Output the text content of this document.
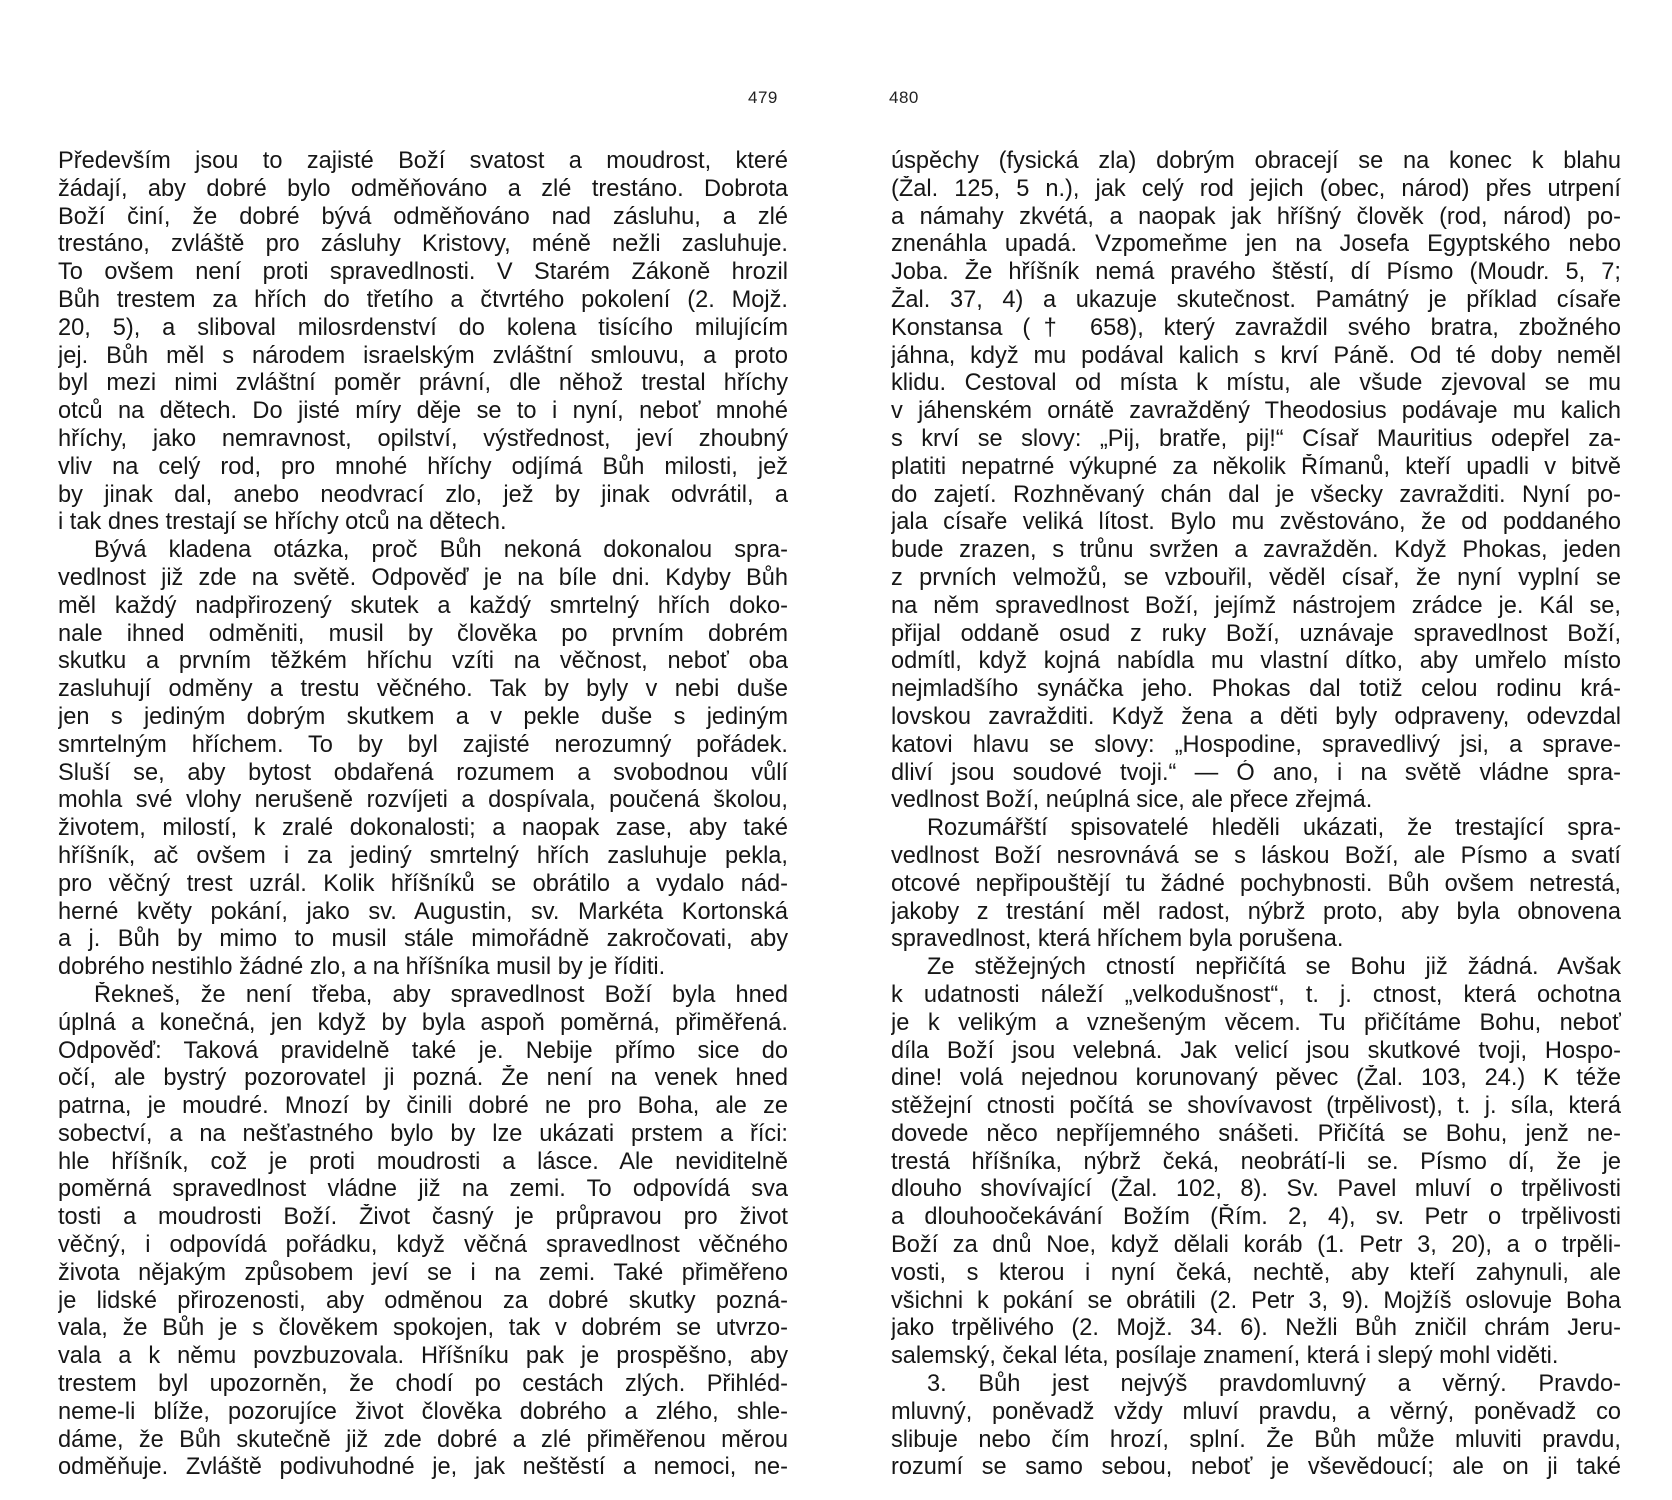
479
Především jsou to zajisté Boží svatost a moudrost, které
žádají, aby dobré bylo odměňováno a zlé trestáno. Dobrota
Boží činí, že dobré bývá odměňováno nad zásluhu, a zlé
trestáno, zvláště pro zásluhy Kristovy, méně nežli zasluhuje.
To ovšem není proti spravedlnosti. V Starém Zákoně hrozil
Bůh trestem za hřích do třetího a čtvrtého pokolení (2. Mojž.
20, 5), a sliboval milosrdenství do kolena tisícího milujícím
jej. Bůh měl s národem israelským zvláštní smlouvu, a proto
byl mezi nimi zvláštní poměr právní, dle něhož trestal hříchy
otců na dětech. Do jisté míry děje se to i nyní, neboť mnohé
hříchy, jako nemravnost, opilství, výstřednost, jeví zhoubný
vliv na celý rod, pro mnohé hříchy odjímá Bůh milosti, jež
by jinak dal, anebo neodvrací zlo, jež by jinak odvrátil, a
i tak dnes trestají se hříchy otců na dětech.
Bývá kladena otázka, proč Bůh nekoná dokonalou spra-
vedlnost již zde na světě. Odpověď je na bíle dni. Kdyby Bůh
měl každý nadpřirozený skutek a každý smrtelný hřích doko-
nale ihned odměniti, musil by člověka po prvním dobrém
skutku a prvním těžkém hříchu vzíti na věčnost, neboť oba
zasluhují odměny a trestu věčného. Tak by byly v nebi duše
jen s jediným dobrým skutkem a v pekle duše s jediným
smrtelným hříchem. To by byl zajisté nerozumný pořádek.
Sluší se, aby bytost obdařená rozumem a svobodnou vůlí
mohla své vlohy nerušeně rozvíjeti a dospívala, poučená školou,
životem, milostí, k zralé dokonalosti; a naopak zase, aby také
hříšník, ač ovšem i za jediný smrtelný hřích zasluhuje pekla,
pro věčný trest uzrál. Kolik hříšníků se obrátilo a vydalo nád-
herné květy pokání, jako sv. Augustin, sv. Markéta Kortonská
a j. Bůh by mimo to musil stále mimořádně zakročovati, aby
dobrého nestihlo žádné zlo, a na hříšníka musil by je říditi.
Řekneš, že není třeba, aby spravedlnost Boží byla hned
úplná a konečná, jen když by byla aspoň poměrná, přiměřená.
Odpověď: Taková pravidelně také je. Nebije přímo sice do
očí, ale bystrý pozorovatel ji pozná. Že není na venek hned
patrna, je moudré. Mnozí by činili dobré ne pro Boha, ale ze
sobectví, a na nešťastného bylo by lze ukázati prstem a říci:
hle hříšník, což je proti moudrosti a lásce. Ale neviditelně
poměrná spravedlnost vládne již na zemi. To odpovídá sva
tosti a moudrosti Boží. Život časný je průpravou pro život
věčný, i odpovídá pořádku, když věčná spravedlnost věčného
života nějakým způsobem jeví se i na zemi. Také přiměřeno
je lidské přirozenosti, aby odměnou za dobré skutky pozná-
vala, že Bůh je s člověkem spokojen, tak v dobrém se utvrzo-
vala a k němu povzbuzovala. Hříšníku pak je prospěšno, aby
trestem byl upozorněn, že chodí po cestách zlých. Přihléd-
neme-li blíže, pozorujíce život člověka dobrého a zlého, shle-
dáme, že Bůh skutečně již zde dobré a zlé přiměřenou měrou
odměňuje. Zvláště podivuhodné je, jak neštěstí a nemoci, ne-
480
úspěchy (fysická zla) dobrým obracejí se na konec k blahu
(Žal. 125, 5 n.), jak celý rod jejich (obec, národ) přes utrpení
a námahy zkvétá, a naopak jak hříšný člověk (rod, národ) po-
znenáhla upadá. Vzpomeňme jen na Josefa Egyptského nebo
Joba. Že hříšník nemá pravého štěstí, dí Písmo (Moudr. 5, 7;
Žal. 37, 4) a ukazuje skutečnost. Památný je příklad císaře
Konstansa († 658), který zavraždil svého bratra, zbožného
jáhna, když mu podával kalich s krví Páně. Od té doby neměl
klidu. Cestoval od místa k místu, ale všude zjevoval se mu
v jáhenském ornátě zavražděný Theodosius podávaje mu kalich
s krví se slovy: „Pij, bratře, pij!“ Císař Mauritius odepřel za-
platiti nepatrné výkupné za několik Římanů, kteří upadli v bitvě
do zajetí. Rozhněvaný chán dal je všecky zavražditi. Nyní po-
jala císaře veliká lítost. Bylo mu zvěstováno, že od poddaného
bude zrazen, s trůnu svržen a zavražděn. Když Phokas, jeden
z prvních velmožů, se vzbouřil, věděl císař, že nyní vyplní se
na něm spravedlnost Boží, jejímž nástrojem zrádce je. Kál se,
přijal oddaně osud z ruky Boží, uznávaje spravedlnost Boží,
odmítl, když kojná nabídla mu vlastní dítko, aby umřelo místo
nejmladšího synáčka jeho. Phokas dal totiž celou rodinu krá-
lovskou zavražditi. Když žena a děti byly odpraveny, odevzdal
katovi hlavu se slovy: „Hospodine, spravedlivý jsi, a sprave-
dliví jsou soudové tvoji.“ — Ó ano, i na světě vládne spra-
vedlnost Boží, neúplná sice, ale přece zřejmá.
Rozumářští spisovatelé hleděli ukázati, že trestající spra-
vedlnost Boží nesrovnává se s láskou Boží, ale Písmo a svatí
otcové nepřipouštějí tu žádné pochybnosti. Bůh ovšem netrestá,
jakoby z trestání měl radost, nýbrž proto, aby byla obnovena
spravedlnost, která hříchem byla porušena.
Ze stěžejných ctností nepřičítá se Bohu již žádná. Avšak
k udatnosti náleží „velkodušnost“, t. j. ctnost, která ochotna
je k velikým a vznešeným věcem. Tu přičítáme Bohu, neboť
díla Boží jsou velebná. Jak velicí jsou skutkové tvoji, Hospo-
dine! volá nejednou korunovaný pěvec (Žal. 103, 24.) K téže
stěžejní ctnosti počítá se shovívavost (trpělivost), t. j. síla, která
dovede něco nepříjemného snášeti. Přičítá se Bohu, jenž ne-
trestá hříšníka, nýbrž čeká, neobrátí-li se. Písmo dí, že je
dlouho shovívající (Žal. 102, 8). Sv. Pavel mluví o trpělivosti
a dlouhoočekávání Božím (Řím. 2, 4), sv. Petr o trpělivosti
Boží za dnů Noe, když dělali koráb (1. Petr 3, 20), a o trpěli-
vosti, s kterou i nyní čeká, nechtě, aby kteří zahynuli, ale
všichni k pokání se obrátili (2. Petr 3, 9). Mojžíš oslovuje Boha
jako trpělivého (2. Mojž. 34. 6). Nežli Bůh zničil chrám Jeru-
salemský, čekal léta, posílaje znamení, která i slepý mohl viděti.
3. Bůh jest nejvýš pravdomluvný a věrný. Pravdo-
mluvný, poněvadž vždy mluví pravdu, a věrný, poněvadž co
slibuje nebo čím hrozí, splní. Že Bůh může mluviti pravdu,
rozumí se samo sebou, neboť je vševědoucí; ale on ji také
